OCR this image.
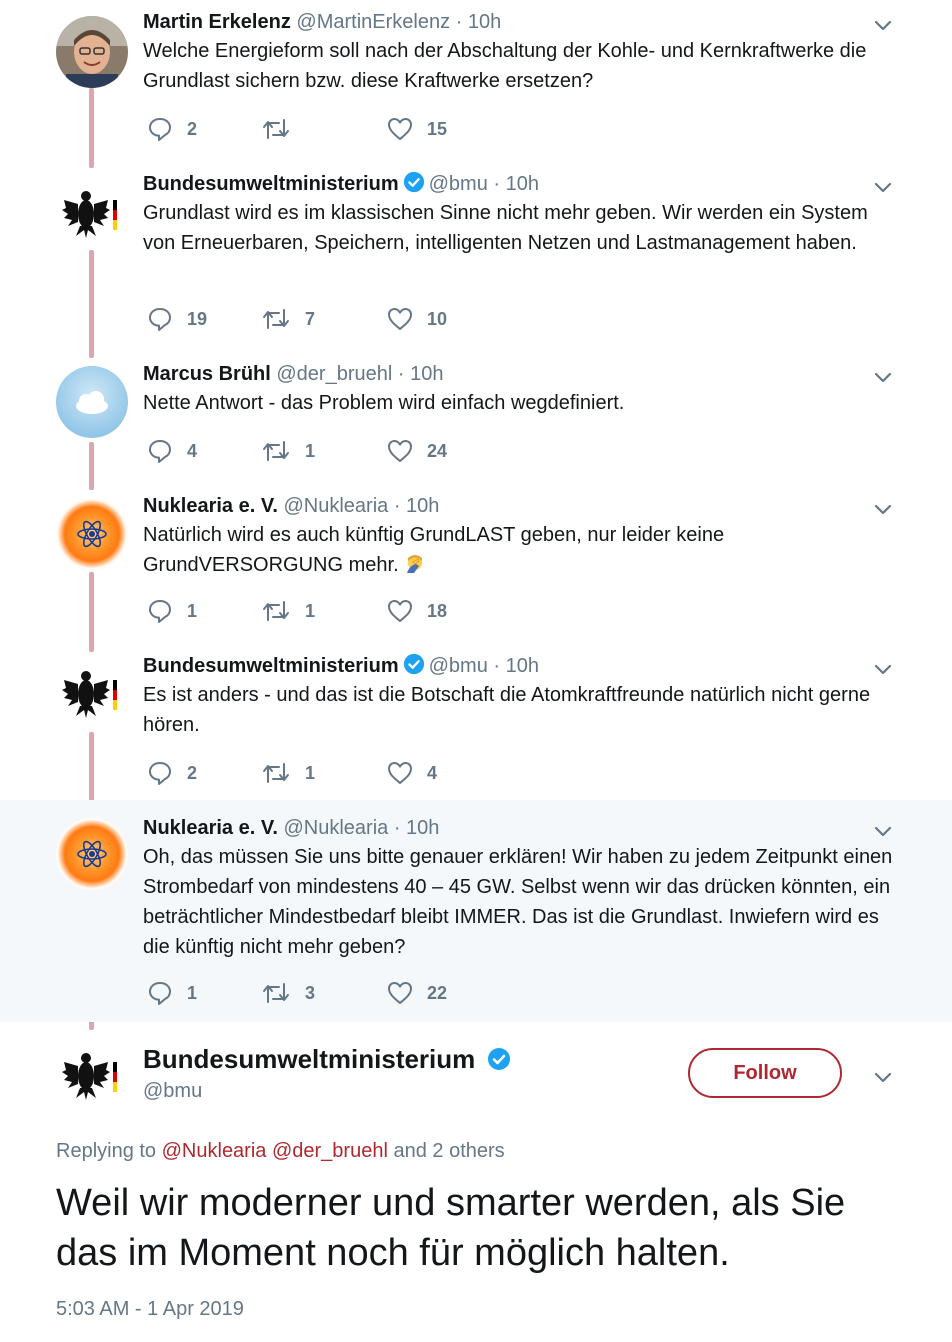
Bundesumweltministerium
@bmu
Follow
Replying to @Nuklearia @der_bruehl and 2 others
Weil wir moderner und smarter werden, als Sie das im Moment noch für möglich halten.
5:03 AM - 1 Apr 2019
Martin Erkelenz @MartinErkelenz · 10h
Welche Energieform soll nach der Abschaltung der Kohle- und Kernkraftwerke die Grundlast sichern bzw. diese Kraftwerke ersetzen?
2	15
Bundesumweltministerium @bmu · 10h
Grundlast wird es im klassischen Sinne nicht mehr geben. Wir werden ein System von Erneuerbaren, Speichern, intelligenten Netzen und Lastmanagement haben.
19	7	10
Marcus Brühl @der_bruehl · 10h
Nette Antwort - das Problem wird einfach wegdefiniert.
4	1	24
Nuklearia e. V. @Nuklearia · 10h
Natürlich wird es auch künftig GrundLAST geben, nur leider keine GrundVERSORGUNG mehr.
1	1	18
Bundesumweltministerium @bmu · 10h
Es ist anders - und das ist die Botschaft die Atomkraftfreunde natürlich nicht gerne hören.
2	1	4
Nuklearia e. V. @Nuklearia · 10h
Oh, das müssen Sie uns bitte genauer erklären! Wir haben zu jedem Zeitpunkt einen Strombedarf von mindestens 40 – 45 GW. Selbst wenn wir das drücken könnten, ein beträchtlicher Mindestbedarf bleibt IMMER. Das ist die Grundlast. Inwiefern wird es die künftig nicht mehr geben?
1	3	22
